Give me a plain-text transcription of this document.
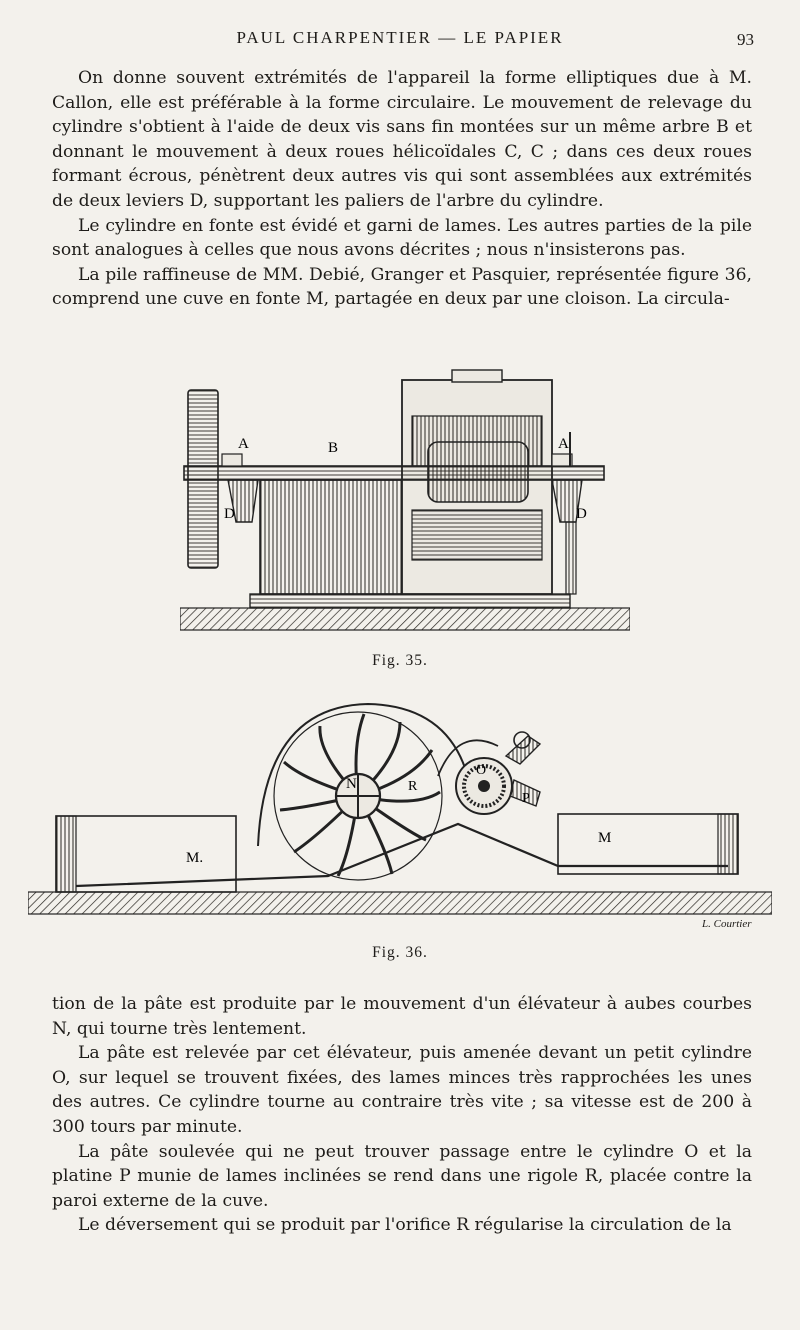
PAUL CHARPENTIER — LE PAPIER	93

On donne souvent extrémités de l'appareil la forme elliptiques due à M. Callon, elle est préférable à la forme circulaire. Le mouvement de relevage du cylindre s'obtient à l'aide de deux vis sans fin montées sur un même arbre B et donnant le mouvement à deux roues hélicoïdales C, C ; dans ces deux roues formant écrous, pénètrent deux autres vis qui sont assemblées aux extrémités de deux leviers D, supportant les paliers de l'arbre du cylindre.

Le cylindre en fonte est évidé et garni de lames. Les autres parties de la pile sont analogues à celles que nous avons décrites ; nous n'insisterons pas.

La pile raffineuse de MM. Debié, Granger et Pasquier, représentée figure 36, comprend une cuve en fonte M, partagée en deux par une cloison. La circula-

A	B	A
D	D
Fig. 35.
N	R
O
P
M.
M
L. Courtier
Fig. 36.

tion de la pâte est produite par le mouvement d'un élévateur à aubes courbes N, qui tourne très lentement.

La pâte est relevée par cet élévateur, puis amenée devant un petit cylindre O, sur lequel se trouvent fixées, des lames minces très rapprochées les unes des autres. Ce cylindre tourne au contraire très vite ; sa vitesse est de 200 à 300 tours par minute.

La pâte soulevée qui ne peut trouver passage entre le cylindre O et la platine P munie de lames inclinées se rend dans une rigole R, placée contre la paroi externe de la cuve.

Le déversement qui se produit par l'orifice R régularise la circulation de la
